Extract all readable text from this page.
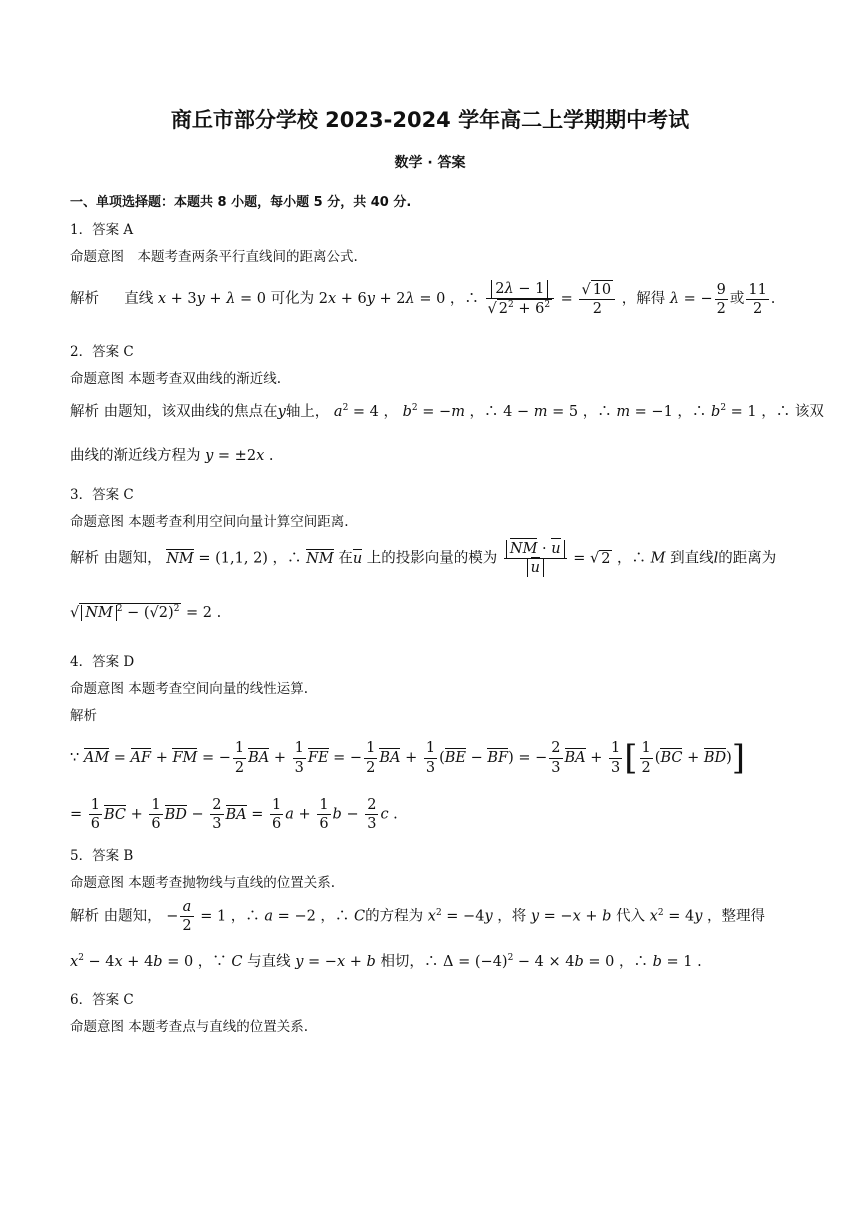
商丘市部分学校 2023-2024 学年高二上学期期中考试
数学 · 答案
一、单项选择题：本题共 8 小题，每小题 5 分，共 40 分.
1．答案 A
命题意图　本题考查两条平行直线间的距离公式.
解析 直线 x + 3y + λ = 0 可化为 2x + 6y + 2λ = 0 ，∴ $\frac{2\lambda - 1}{√ 2^2 + 6^2} = \frac{√ 10}{2}$ ，解得 λ = − $\frac{9}{2}$ 或 $\frac{11}{2}$ .
2．答案 C
命题意图 本题考查双曲线的渐近线.
解析 由题知，该双曲线的焦点在y轴上， $a^2 = 4$ ， $b^2 = -m$ ，∴ 4 − m = 5 ，∴ m = −1 ，∴ $b^2 = 1$ ，∴ 该双
曲线的渐近线方程为 y = ±2x .
3．答案 C
命题意图 本题考查利用空间向量计算空间距离.
解析 由题知， NM = (1,1, 2) ，∴ NM 在u 上的投影向量的模为 $\frac{NM \cdot u}{u}$ = √ 2 ，∴ M 到直线l的距离为
√ NM $^2 - (√2)^2 = 2$ .
4．答案 D
命题意图 本题考查空间向量的线性运算.
解析
∵ AM = AF + FM = − $\frac{1}{2}$ BA + $\frac{1}{3}$ FE = − $\frac{1}{2}$ BA + $\frac{1}{3} (BE - BF)$ = − $\frac{2}{3}$ BA + $\frac{1}{3}$ [ $\frac{1}{2} (BC + BD)$]
= $\frac{1}{6}$ BC + $\frac{1}{6}$ BD − $\frac{2}{3}$ BA = $\frac{1}{6}$ $a + \frac{1}{6}$ $b - \frac{2}{3}$ c .
5．答案 B
命题意图 本题考查抛物线与直线的位置关系.
解析 由题知， − $\frac{a}{2} = 1$ ，∴ a = −2 ，∴ C的方程为 $x^2 = -4y$ ，将 y = −x + b 代入 $x^2 = 4y$ ，整理得
$x^2 - 4x + 4b = 0$ ，∵ C 与直线 y = −x + b 相切，∴ $\Delta = (-4)^2 - 4 \times 4b = 0$ ，∴ b = 1 .
6．答案 C
命题意图 本题考查点与直线的位置关系.
